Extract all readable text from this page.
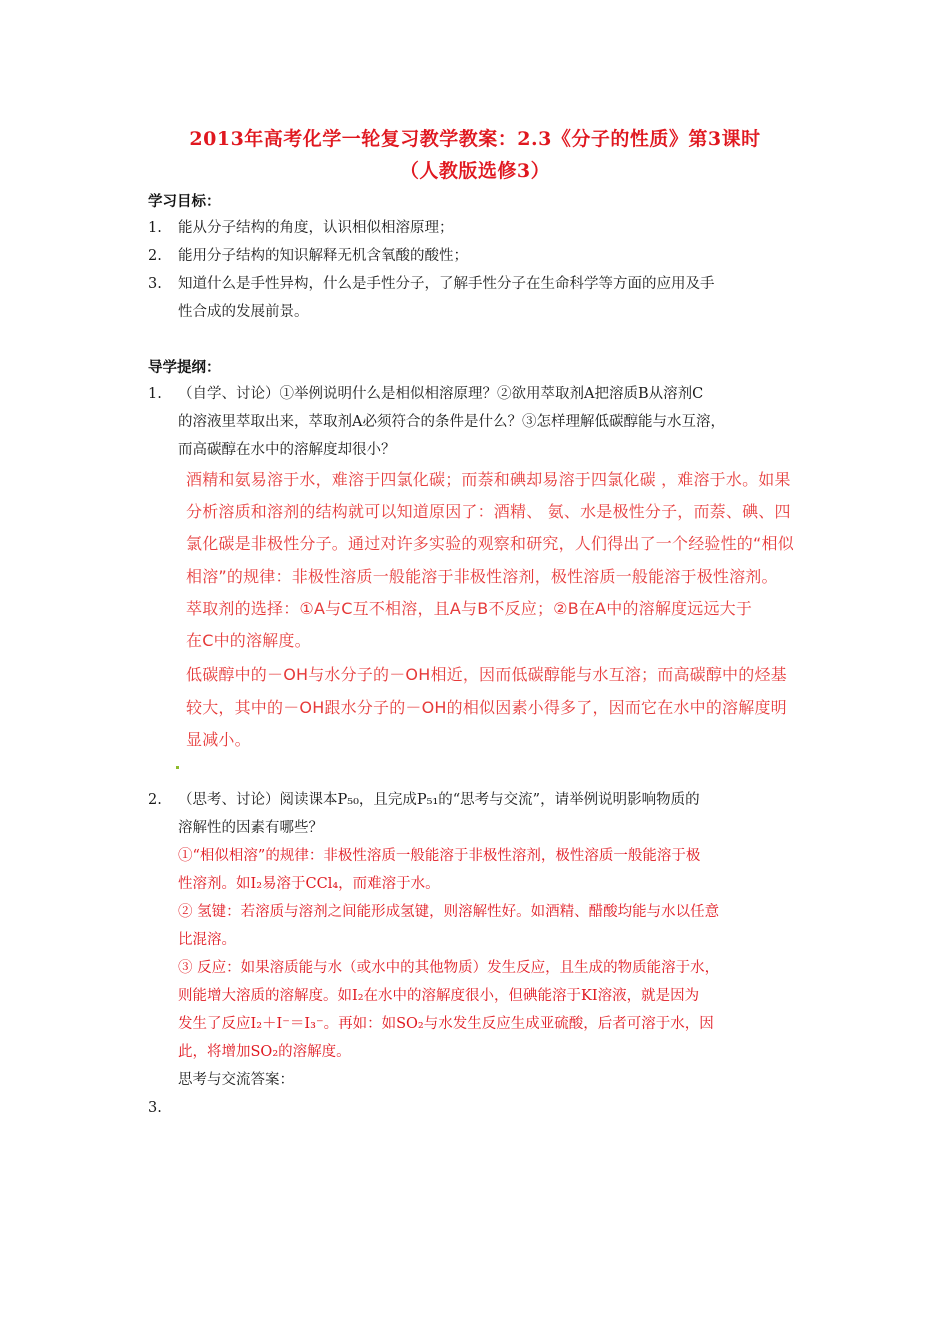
2013年高考化学一轮复习教学教案：2.3《分子的性质》第3课时
（人教版选修3）
学习目标：
1. 能从分子结构的角度，认识相似相溶原理；
2. 能用分子结构的知识解释无机含氧酸的酸性；
3. 知道什么是手性异构，什么是手性分子，了解手性分子在生命科学等方面的应用及手
性合成的发展前景。
导学提纲：
1. （自学、讨论）①举例说明什么是相似相溶原理？②欲用萃取剂A把溶质B从溶剂C
的溶液里萃取出来，萃取剂A必须符合的条件是什么？③怎样理解低碳醇能与水互溶，
而高碳醇在水中的溶解度却很小？
酒精和氨易溶于水，难溶于四氯化碳；而萘和碘却易溶于四氯化碳 ，难溶于水。如果
分析溶质和溶剂的结构就可以知道原因了：酒精、 氨、水是极性分子，而萘、碘、四
氯化碳是非极性分子。通过对许多实验的观察和研究，人们得出了一个经验性的“相似
相溶”的规律：非极性溶质一般能溶于非极性溶剂，极性溶质一般能溶于极性溶剂。
萃取剂的选择：①A与C互不相溶，且A与B不反应；②B在A中的溶解度远远大于
在C中的溶解度。
低碳醇中的－OH与水分子的－OH相近，因而低碳醇能与水互溶；而高碳醇中的烃基
较大，其中的－OH跟水分子的－OH的相似因素小得多了，因而它在水中的溶解度明
显减小。
2. （思考、讨论）阅读课本P₅₀，且完成P₅₁的“思考与交流”，请举例说明影响物质的
溶解性的因素有哪些？
①“相似相溶”的规律：非极性溶质一般能溶于非极性溶剂，极性溶质一般能溶于极
性溶剂。如I₂易溶于CCl₄，而难溶于水。
② 氢键：若溶质与溶剂之间能形成氢键，则溶解性好。如酒精、醋酸均能与水以任意
比混溶。
③ 反应：如果溶质能与水（或水中的其他物质）发生反应，且生成的物质能溶于水，
则能增大溶质的溶解度。如I₂在水中的溶解度很小，但碘能溶于KI溶液，就是因为
发生了反应I₂＋I⁻＝I₃⁻。再如：如SO₂与水发生反应生成亚硫酸，后者可溶于水，因
此，将增加SO₂的溶解度。
思考与交流答案：
3.
